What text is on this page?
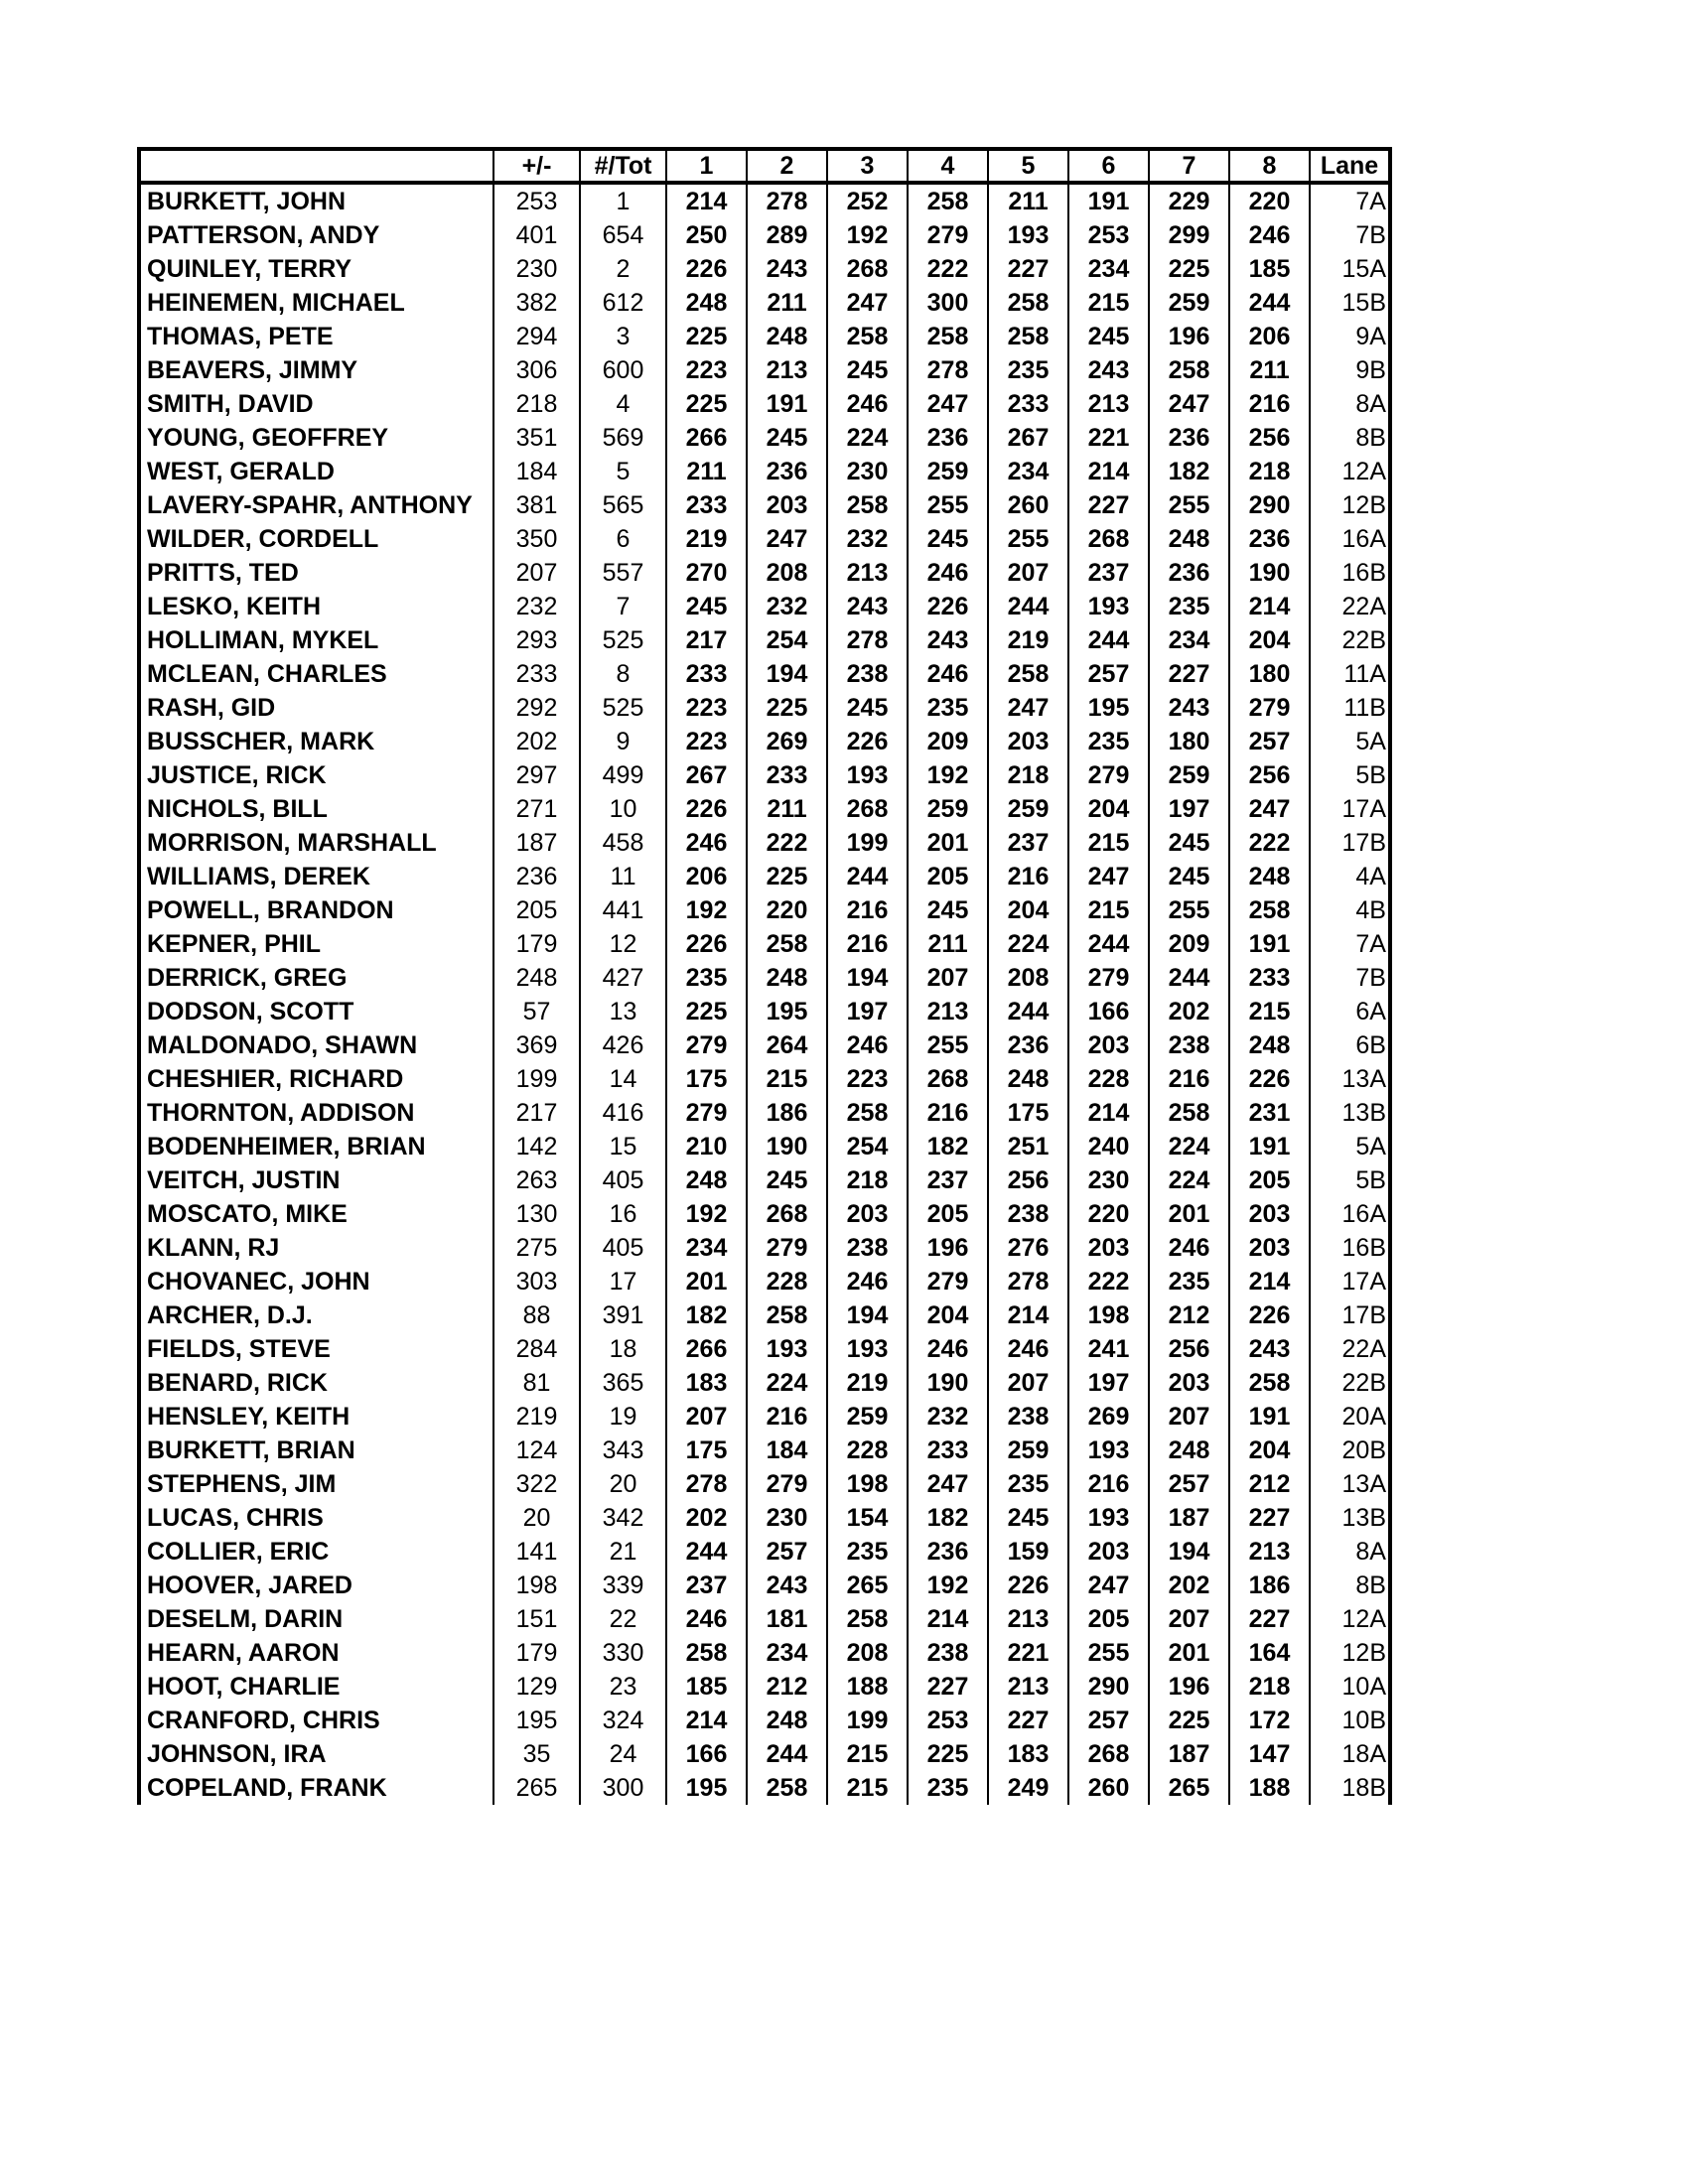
	+/-	#/Tot	1	2	3	4	5	6	7	8	Lane
BURKETT, JOHN	253	1	214	278	252	258	211	191	229	220	7A
PATTERSON, ANDY	401	654	250	289	192	279	193	253	299	246	7B
QUINLEY, TERRY	230	2	226	243	268	222	227	234	225	185	15A
HEINEMEN, MICHAEL	382	612	248	211	247	300	258	215	259	244	15B
THOMAS, PETE	294	3	225	248	258	258	258	245	196	206	9A
BEAVERS, JIMMY	306	600	223	213	245	278	235	243	258	211	9B
SMITH, DAVID	218	4	225	191	246	247	233	213	247	216	8A
YOUNG, GEOFFREY	351	569	266	245	224	236	267	221	236	256	8B
WEST, GERALD	184	5	211	236	230	259	234	214	182	218	12A
LAVERY-SPAHR, ANTHONY	381	565	233	203	258	255	260	227	255	290	12B
WILDER, CORDELL	350	6	219	247	232	245	255	268	248	236	16A
PRITTS, TED	207	557	270	208	213	246	207	237	236	190	16B
LESKO, KEITH	232	7	245	232	243	226	244	193	235	214	22A
HOLLIMAN, MYKEL	293	525	217	254	278	243	219	244	234	204	22B
MCLEAN, CHARLES	233	8	233	194	238	246	258	257	227	180	11A
RASH, GID	292	525	223	225	245	235	247	195	243	279	11B
BUSSCHER, MARK	202	9	223	269	226	209	203	235	180	257	5A
JUSTICE, RICK	297	499	267	233	193	192	218	279	259	256	5B
NICHOLS, BILL	271	10	226	211	268	259	259	204	197	247	17A
MORRISON, MARSHALL	187	458	246	222	199	201	237	215	245	222	17B
WILLIAMS, DEREK	236	11	206	225	244	205	216	247	245	248	4A
POWELL, BRANDON	205	441	192	220	216	245	204	215	255	258	4B
KEPNER, PHIL	179	12	226	258	216	211	224	244	209	191	7A
DERRICK, GREG	248	427	235	248	194	207	208	279	244	233	7B
DODSON, SCOTT	57	13	225	195	197	213	244	166	202	215	6A
MALDONADO, SHAWN	369	426	279	264	246	255	236	203	238	248	6B
CHESHIER, RICHARD	199	14	175	215	223	268	248	228	216	226	13A
THORNTON, ADDISON	217	416	279	186	258	216	175	214	258	231	13B
BODENHEIMER, BRIAN	142	15	210	190	254	182	251	240	224	191	5A
VEITCH, JUSTIN	263	405	248	245	218	237	256	230	224	205	5B
MOSCATO, MIKE	130	16	192	268	203	205	238	220	201	203	16A
KLANN, RJ	275	405	234	279	238	196	276	203	246	203	16B
CHOVANEC, JOHN	303	17	201	228	246	279	278	222	235	214	17A
ARCHER, D.J.	88	391	182	258	194	204	214	198	212	226	17B
FIELDS, STEVE	284	18	266	193	193	246	246	241	256	243	22A
BENARD, RICK	81	365	183	224	219	190	207	197	203	258	22B
HENSLEY, KEITH	219	19	207	216	259	232	238	269	207	191	20A
BURKETT, BRIAN	124	343	175	184	228	233	259	193	248	204	20B
STEPHENS, JIM	322	20	278	279	198	247	235	216	257	212	13A
LUCAS, CHRIS	20	342	202	230	154	182	245	193	187	227	13B
COLLIER, ERIC	141	21	244	257	235	236	159	203	194	213	8A
HOOVER, JARED	198	339	237	243	265	192	226	247	202	186	8B
DESELM, DARIN	151	22	246	181	258	214	213	205	207	227	12A
HEARN, AARON	179	330	258	234	208	238	221	255	201	164	12B
HOOT, CHARLIE	129	23	185	212	188	227	213	290	196	218	10A
CRANFORD, CHRIS	195	324	214	248	199	253	227	257	225	172	10B
JOHNSON, IRA	35	24	166	244	215	225	183	268	187	147	18A
COPELAND, FRANK	265	300	195	258	215	235	249	260	265	188	18B
